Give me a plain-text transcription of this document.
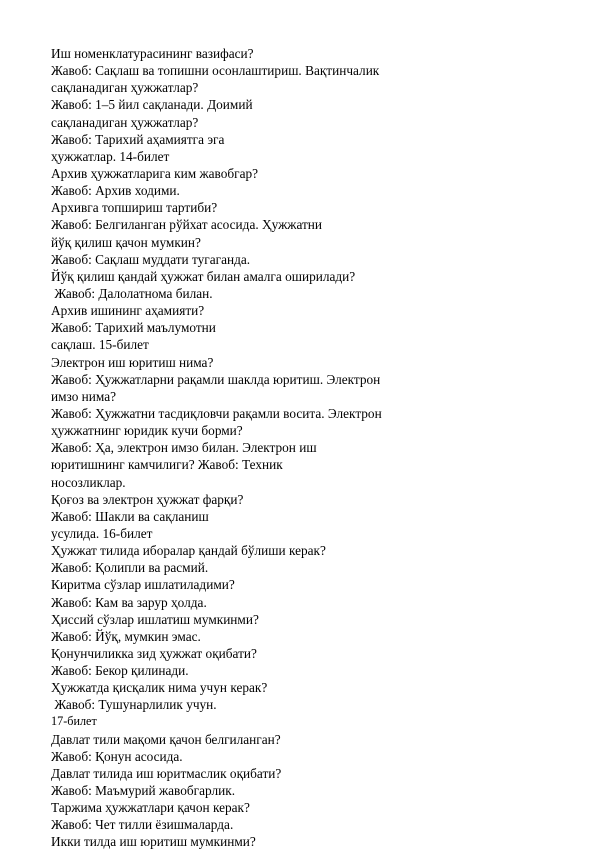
Иш номенклатурасининг вазифаси?

Жавоб: Сақлаш ва топишни осонлаштириш. Вақтинчалик

сақланадиган ҳужжатлар?

Жавоб: 1–5 йил сақланади. Доимий

сақланадиган ҳужжатлар?

Жавоб: Тарихий аҳамиятга эга

ҳужжатлар. 14-билет

Архив ҳужжатларига ким жавобгар?

Жавоб: Архив ходими.

Архивга топшириш тартиби?

Жавоб: Белгиланган рўйхат асосида. Ҳужжатни

йўқ қилиш қачон мумкин?

Жавоб: Сақлаш муддати тугаганда.

Йўқ қилиш қандай ҳужжат билан амалга оширилади?

Жавоб: Далолатнома билан.

Архив ишининг аҳамияти?

Жавоб: Тарихий маълумотни

сақлаш. 15-билет

Электрон иш юритиш нима?

Жавоб: Ҳужжатларни рақамли шаклда юритиш. Электрон

имзо нима?

Жавоб: Ҳужжатни тасдиқловчи рақамли восита. Электрон

ҳужжатнинг юридик кучи борми?

Жавоб: Ҳа, электрон имзо билан. Электрон иш

юритишнинг камчилиги? Жавоб: Техник

носозликлар.

Қоғоз ва электрон ҳужжат фарқи?

Жавоб: Шакли ва сақланиш

усулида. 16-билет

Ҳужжат тилида иборалар қандай бўлиши керак?

Жавоб: Қолипли ва расмий.

Киритма сўзлар ишлатиладими?

Жавоб: Кам ва зарур ҳолда.

Ҳиссий сўзлар ишлатиш мумкинми?

Жавоб: Йўқ, мумкин эмас.

Қонунчиликка зид ҳужжат оқибати?

Жавоб: Бекор қилинади.

Ҳужжатда қисқалик нима учун керак?

Жавоб: Тушунарлилик учун.

17-билет

Давлат тили мақоми қачон белгиланган?

Жавоб: Қонун асосида.

Давлат тилида иш юритмаслик оқибати?

Жавоб: Маъмурий жавобгарлик.

Таржима ҳужжатлари қачон керак?

Жавоб: Чет тилли ёзишмаларда.

Икки тилда иш юритиш мумкинми?
